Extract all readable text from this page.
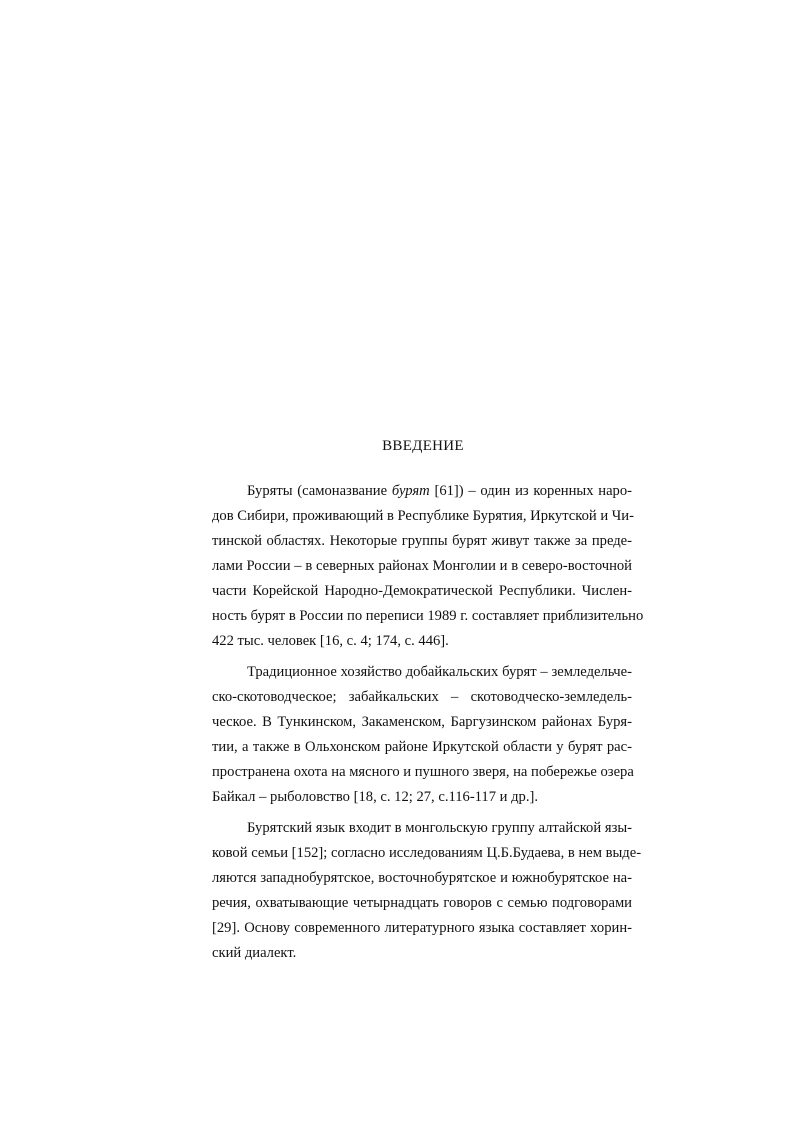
ВВЕДЕНИЕ
Буряты (самоназвание бурят [61]) – один из коренных наро-
дов Сибири, проживающий в Республике Бурятия, Иркутской и Чи-
тинской областях. Некоторые группы бурят живут также за преде-
лами России – в северных районах Монголии и в северо-восточной
части Корейской Народно-Демократической Республики. Числен-
ность бурят в России по переписи 1989 г. составляет приблизительно
422 тыс. человек [16, с. 4; 174, с. 446].
Традиционное хозяйство добайкальских бурят – земледельче-
ско-скотоводческое; забайкальских – скотоводческо-земледель-
ческое. В Тункинском, Закаменском, Баргузинском районах Буря-
тии, а также в Ольхонском районе Иркутской области у бурят рас-
пространена охота на мясного и пушного зверя, на побережье озера
Байкал – рыболовство [18, с. 12; 27, с.116-117 и др.].
Бурятский язык входит в монгольскую группу алтайской язы-
ковой семьи [152]; согласно исследованиям Ц.Б.Будаева, в нем выде-
ляются западнобурятское, восточнобурятское и южнобурятское на-
речия, охватывающие четырнадцать говоров с семью подговорами
[29]. Основу современного литературного языка составляет хорин-
ский диалект.
